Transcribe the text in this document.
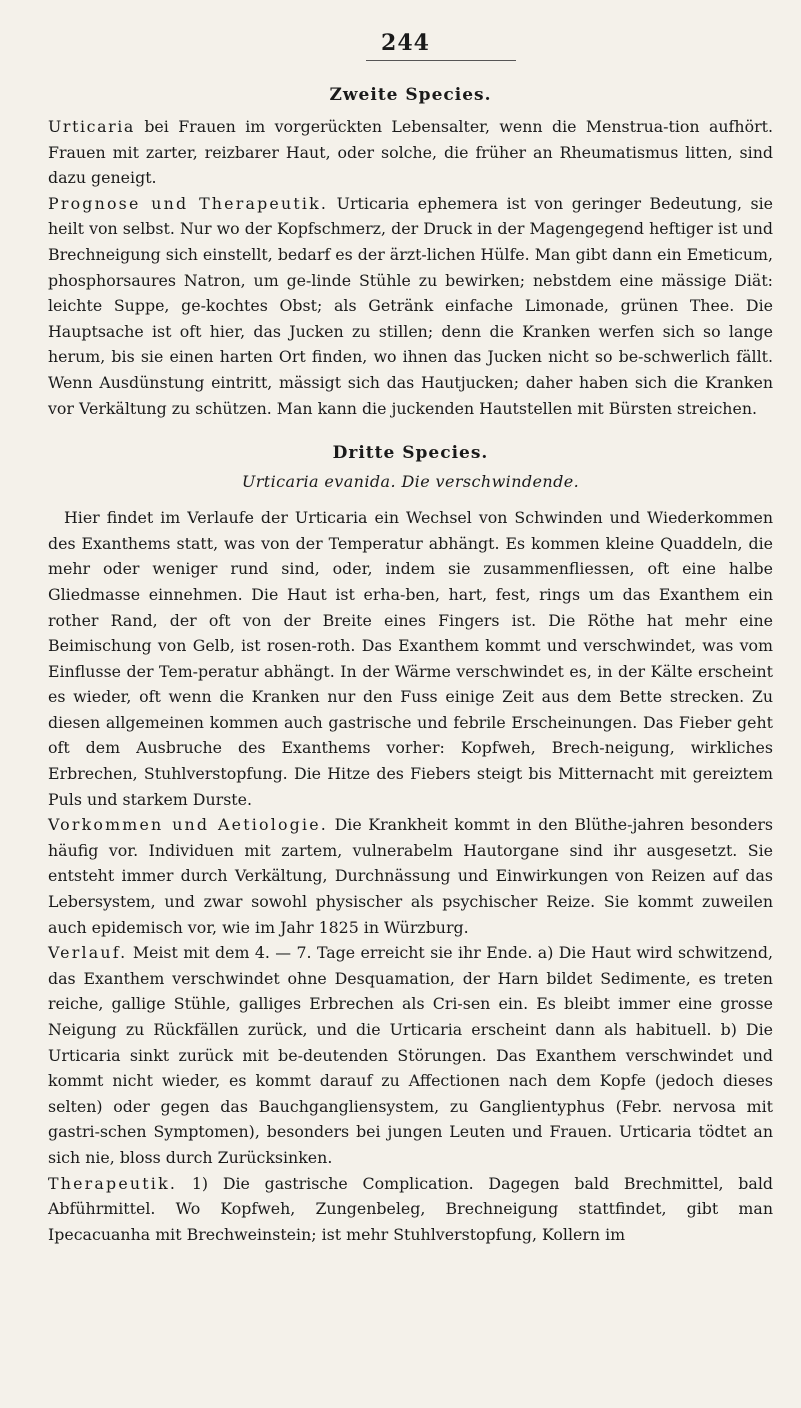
244
Zweite Species.

Urticaria bei Frauen im vorgerückten Lebensalter, wenn die Menstrua-tion aufhört. Frauen mit zarter, reizbarer Haut, oder solche, die früher an Rheumatismus litten, sind dazu geneigt.

Prognose und Therapeutik. Urticaria ephemera ist von geringer Bedeutung, sie heilt von selbst. Nur wo der Kopfschmerz, der Druck in der Magengegend heftiger ist und Brechneigung sich einstellt, bedarf es der ärzt-lichen Hülfe. Man gibt dann ein Emeticum, phosphorsaures Natron, um ge-linde Stühle zu bewirken; nebstdem eine mässige Diät: leichte Suppe, ge-kochtes Obst; als Getränk einfache Limonade, grünen Thee. Die Hauptsache ist oft hier, das Jucken zu stillen; denn die Kranken werfen sich so lange herum, bis sie einen harten Ort finden, wo ihnen das Jucken nicht so be-schwerlich fällt. Wenn Ausdünstung eintritt, mässigt sich das Hautjucken; daher haben sich die Kranken vor Verkältung zu schützen. Man kann die juckenden Hautstellen mit Bürsten streichen.

Dritte Species.
Urticaria evanida. Die verschwindende.

Hier findet im Verlaufe der Urticaria ein Wechsel von Schwinden und Wiederkommen des Exanthems statt, was von der Temperatur abhängt. Es kommen kleine Quaddeln, die mehr oder weniger rund sind, oder, indem sie zusammenfliessen, oft eine halbe Gliedmasse einnehmen. Die Haut ist erha-ben, hart, fest, rings um das Exanthem ein rother Rand, der oft von der Breite eines Fingers ist. Die Röthe hat mehr eine Beimischung von Gelb, ist rosen-roth. Das Exanthem kommt und verschwindet, was vom Einflusse der Tem-peratur abhängt. In der Wärme verschwindet es, in der Kälte erscheint es wieder, oft wenn die Kranken nur den Fuss einige Zeit aus dem Bette strecken. Zu diesen allgemeinen kommen auch gastrische und febrile Erscheinungen. Das Fieber geht oft dem Ausbruche des Exanthems vorher: Kopfweh, Brech-neigung, wirkliches Erbrechen, Stuhlverstopfung. Die Hitze des Fiebers steigt bis Mitternacht mit gereiztem Puls und starkem Durste.

Vorkommen und Aetiologie. Die Krankheit kommt in den Blüthe-jahren besonders häufig vor. Individuen mit zartem, vulnerabelm Hautorgane sind ihr ausgesetzt. Sie entsteht immer durch Verkältung, Durchnässung und Einwirkungen von Reizen auf das Lebersystem, und zwar sowohl physischer als psychischer Reize. Sie kommt zuweilen auch epidemisch vor, wie im Jahr 1825 in Würzburg.

Verlauf. Meist mit dem 4. — 7. Tage erreicht sie ihr Ende. a) Die Haut wird schwitzend, das Exanthem verschwindet ohne Desquamation, der Harn bildet Sedimente, es treten reiche, gallige Stühle, galliges Erbrechen als Cri-sen ein. Es bleibt immer eine grosse Neigung zu Rückfällen zurück, und die Urticaria erscheint dann als habituell. b) Die Urticaria sinkt zurück mit be-deutenden Störungen. Das Exanthem verschwindet und kommt nicht wieder, es kommt darauf zu Affectionen nach dem Kopfe (jedoch dieses selten) oder gegen das Bauchgangliensystem, zu Ganglientyphus (Febr. nervosa mit gastri-schen Symptomen), besonders bei jungen Leuten und Frauen. Urticaria tödtet an sich nie, bloss durch Zurücksinken.

Therapeutik. 1) Die gastrische Complication. Dagegen bald Brechmittel, bald Abführmittel. Wo Kopfweh, Zungenbeleg, Brechneigung stattfindet, gibt man Ipecacuanha mit Brechweinstein; ist mehr Stuhlverstopfung, Kollern im
